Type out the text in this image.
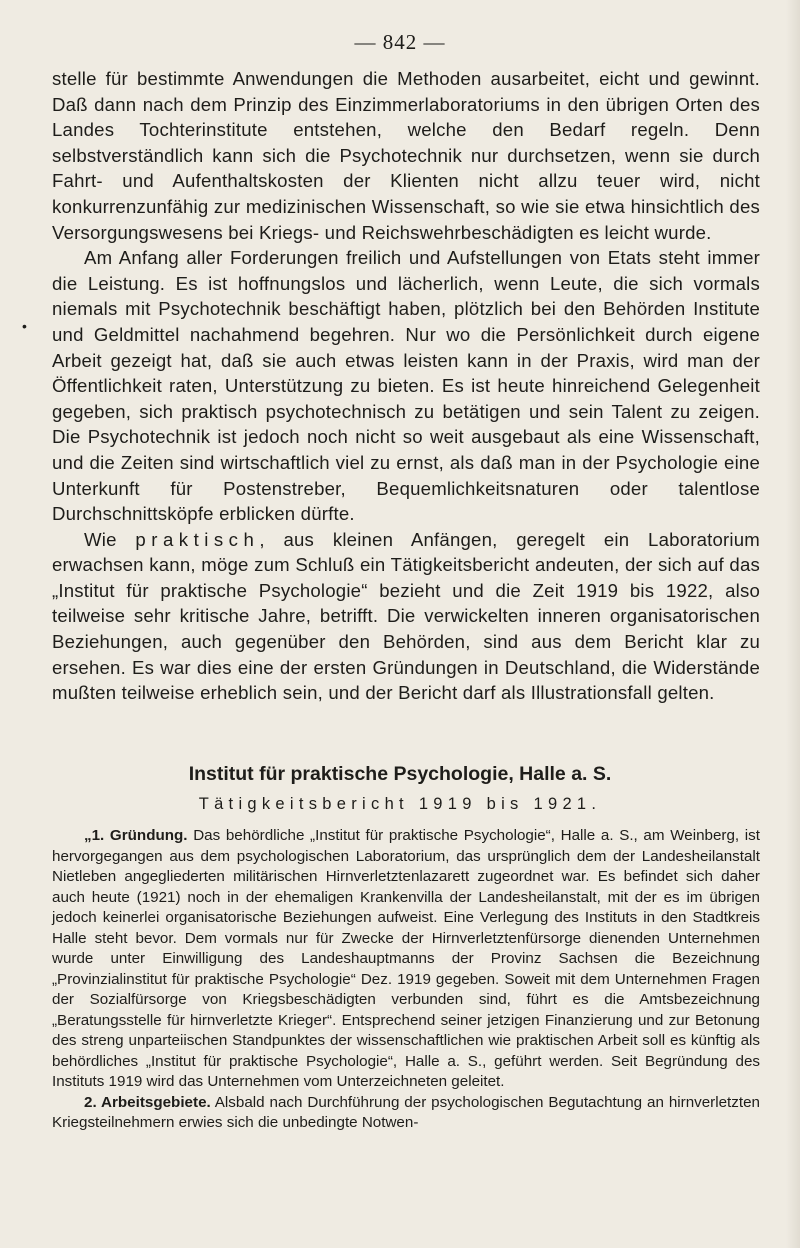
— 842 —
•

stelle für bestimmte Anwendungen die Methoden ausarbeitet, eicht und gewinnt. Daß dann nach dem Prinzip des Einzimmerlaboratoriums in den übrigen Orten des Landes Tochterinstitute entstehen, welche den Bedarf regeln. Denn selbstverständlich kann sich die Psychotechnik nur durchsetzen, wenn sie durch Fahrt- und Aufenthaltskosten der Klienten nicht allzu teuer wird, nicht konkurrenzunfähig zur medizinischen Wissenschaft, so wie sie etwa hinsichtlich des Versorgungswesens bei Kriegs- und Reichswehrbeschädigten es leicht wurde.

Am Anfang aller Forderungen freilich und Aufstellungen von Etats steht immer die Leistung. Es ist hoffnungslos und lächerlich, wenn Leute, die sich vormals niemals mit Psychotechnik beschäftigt haben, plötzlich bei den Behörden Institute und Geldmittel nachahmend begehren. Nur wo die Persönlichkeit durch eigene Arbeit gezeigt hat, daß sie auch etwas leisten kann in der Praxis, wird man der Öffentlichkeit raten, Unterstützung zu bieten. Es ist heute hinreichend Gelegenheit gegeben, sich praktisch psychotechnisch zu betätigen und sein Talent zu zeigen. Die Psychotechnik ist jedoch noch nicht so weit ausgebaut als eine Wissenschaft, und die Zeiten sind wirtschaftlich viel zu ernst, als daß man in der Psychologie eine Unterkunft für Postenstreber, Bequemlichkeitsnaturen oder talentlose Durchschnittsköpfe erblicken dürfte.

Wie praktisch, aus kleinen Anfängen, geregelt ein Laboratorium erwachsen kann, möge zum Schluß ein Tätigkeitsbericht andeuten, der sich auf das „Institut für praktische Psychologie“ bezieht und die Zeit 1919 bis 1922, also teilweise sehr kritische Jahre, betrifft. Die verwickelten inneren organisatorischen Beziehungen, auch gegenüber den Behörden, sind aus dem Bericht klar zu ersehen. Es war dies eine der ersten Gründungen in Deutschland, die Widerstände mußten teilweise erheblich sein, und der Bericht darf als Illustrationsfall gelten.

Institut für praktische Psychologie, Halle a. S.
Tätigkeitsbericht 1919 bis 1921.

„1. Gründung. Das behördliche „Institut für praktische Psychologie“, Halle a. S., am Weinberg, ist hervorgegangen aus dem psychologischen Laboratorium, das ursprünglich dem der Landesheilanstalt Nietleben angegliederten militärischen Hirnverletztenlazarett zugeordnet war. Es befindet sich daher auch heute (1921) noch in der ehemaligen Krankenvilla der Landesheilanstalt, mit der es im übrigen jedoch keinerlei organisatorische Beziehungen aufweist. Eine Verlegung des Instituts in den Stadtkreis Halle steht bevor. Dem vormals nur für Zwecke der Hirnverletztenfürsorge dienenden Unternehmen wurde unter Einwilligung des Landeshauptmanns der Provinz Sachsen die Bezeichnung „Provinzialinstitut für praktische Psychologie“ Dez. 1919 gegeben. Soweit mit dem Unternehmen Fragen der Sozialfürsorge von Kriegsbeschädigten verbunden sind, führt es die Amtsbezeichnung „Beratungsstelle für hirnverletzte Krieger“. Entsprechend seiner jetzigen Finanzierung und zur Betonung des streng unparteiischen Standpunktes der wissenschaftlichen wie praktischen Arbeit soll es künftig als behördliches „Institut für praktische Psychologie“, Halle a. S., geführt werden. Seit Begründung des Instituts 1919 wird das Unternehmen vom Unterzeichneten geleitet.

2. Arbeitsgebiete. Alsbald nach Durchführung der psychologischen Begutachtung an hirnverletzten Kriegsteilnehmern erwies sich die unbedingte Notwen-
